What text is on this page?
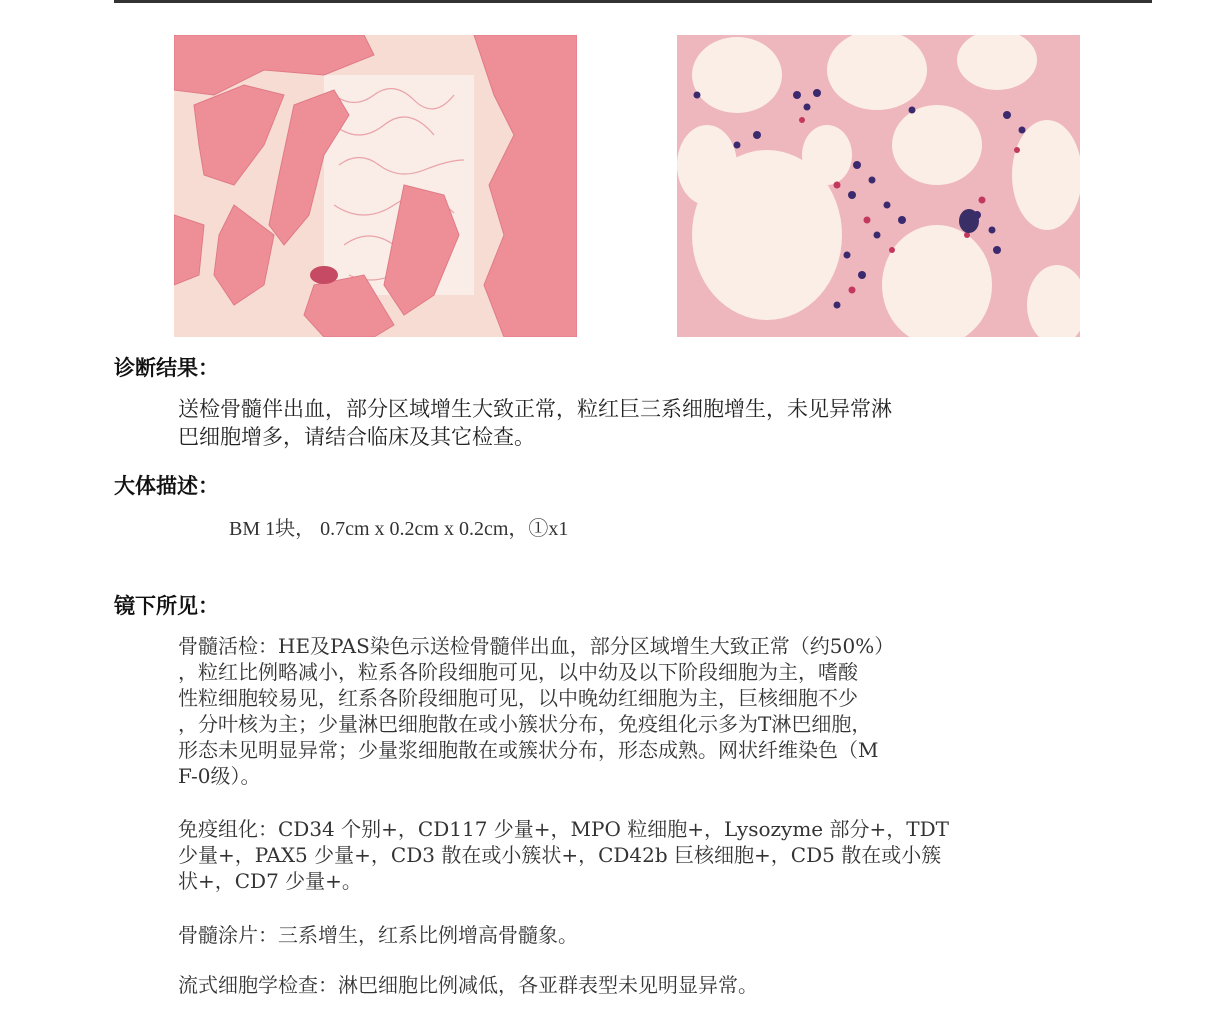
诊断结果：
送检骨髓伴出血，部分区域增生大致正常，粒红巨三系细胞增生，未见异常淋
巴细胞增多，请结合临床及其它检查。
大体描述：
BM 1块， 0.7cm x 0.2cm x 0.2cm，①x1
镜下所见：
骨髓活检：HE及PAS染色示送检骨髓伴出血，部分区域增生大致正常（约50%）
，粒红比例略减小，粒系各阶段细胞可见，以中幼及以下阶段细胞为主，嗜酸
性粒细胞较易见，红系各阶段细胞可见，以中晚幼红细胞为主，巨核细胞不少
，分叶核为主；少量淋巴细胞散在或小簇状分布，免疫组化示多为T淋巴细胞，
形态未见明显异常；少量浆细胞散在或簇状分布，形态成熟。网状纤维染色（M
F-0级）。
免疫组化：CD34 个别+，CD117 少量+，MPO 粒细胞+，Lysozyme 部分+，TDT
少量+，PAX5 少量+，CD3 散在或小簇状+，CD42b 巨核细胞+，CD5 散在或小簇
状+，CD7 少量+。
骨髓涂片：三系增生，红系比例增高骨髓象。
流式细胞学检查：淋巴细胞比例减低，各亚群表型未见明显异常。
